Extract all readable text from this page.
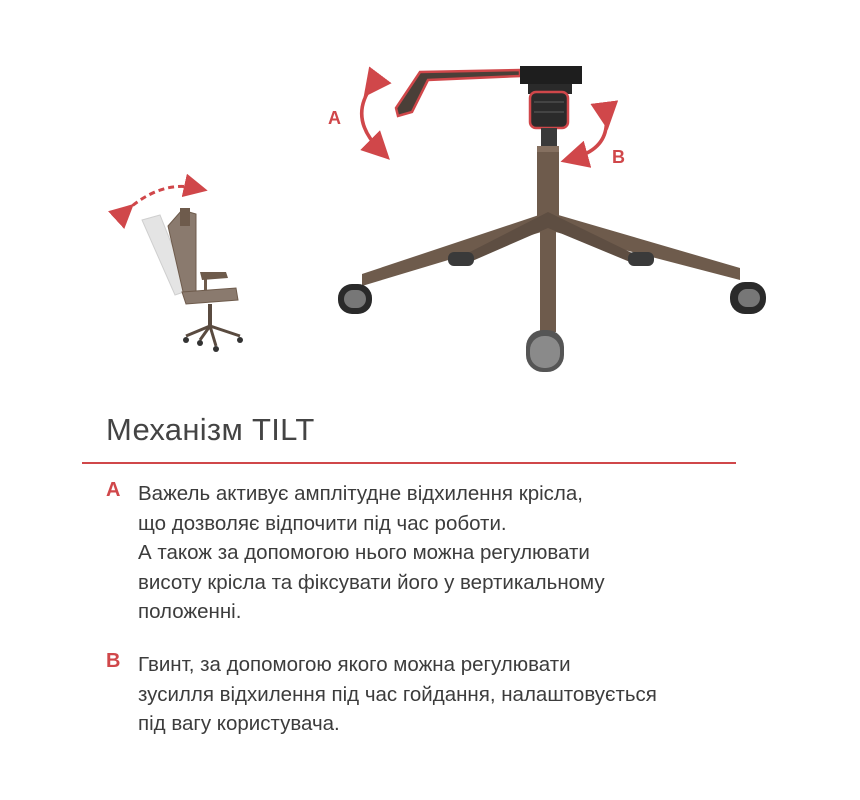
A
B
Механізм TILT
A Важель активує амплітудне відхилення крісла,
що дозволяє відпочити під час роботи.
А також за допомогою нього можна регулювати
висоту крісла та фіксувати його у вертикальному
положенні.
B Гвинт, за допомогою якого можна регулювати
зусилля відхилення під час гойдання, налаштовується
під вагу користувача.
